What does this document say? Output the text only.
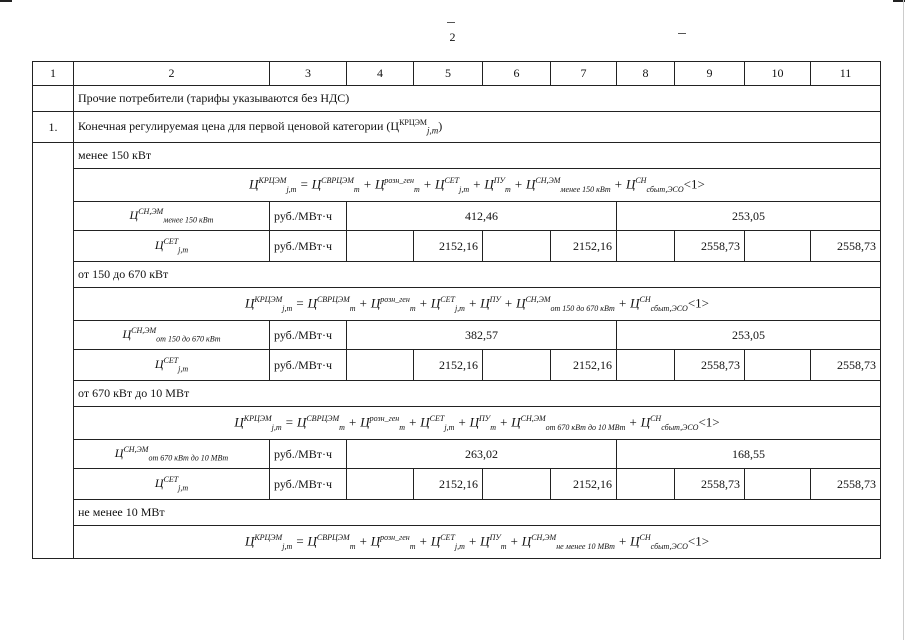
2
1	2	3	4	5	6	7	8	9	10	11
	Прочие потребители (тарифы указываются без НДС)									
1.	Конечная регулируемая цена для первой ценовой категории $(Ц^{КРЦЭМ}_{j,m})$									
	менее 150 кВт									
	$Ц^{КРЦЭМ}_{j,m} = Ц^{СВРЦЭМ}_m + Ц^{розн\_ген}_m + Ц^{СЕТ}_{j,m} + Ц^{ПУ}_m + Ц^{СН,ЭМ}_{менее 150 кВт} + Ц^{СН}_{сбыт,ЭСО}<1>$									
	$Ц^{СН,ЭМ}_{менее 150 кВт}$	руб./МВт·ч	412,46				253,05			
	$Ц^{СЕТ}_{j,m}$	руб./МВт·ч		2152,16		2152,16		2558,73		2558,73
	от 150 до 670 кВт									
	$Ц^{КРЦЭМ}_{j,m} = Ц^{СВРЦЭМ}_m + Ц^{розн\_ген}_m + Ц^{СЕТ}_{j,m} + Ц^{ПУ} + Ц^{СН,ЭМ}_{от 150 до 670 кВт} + Ц^{СН}_{сбыт,ЭСО}<1>$									
	$Ц^{СН,ЭМ}_{от 150 до 670 кВт}$	руб./МВт·ч	382,57				253,05			
	$Ц^{СЕТ}_{j,m}$	руб./МВт·ч		2152,16		2152,16		2558,73		2558,73
	от 670 кВт до 10 МВт									
	$Ц^{КРЦЭМ}_{j,m} = Ц^{СВРЦЭМ}_m + Ц^{розн\_ген}_m + Ц^{СЕТ}_{j,m} + Ц^{ПУ}_m + Ц^{СН,ЭМ}_{от 670 кВт до 10 МВт} + Ц^{СН}_{сбыт,ЭСО}<1>$									
	$Ц^{СН,ЭМ}_{от 670 кВт до 10 МВт}$	руб./МВт·ч	263,02				168,55			
	$Ц^{СЕТ}_{j,m}$	руб./МВт·ч		2152,16		2152,16		2558,73		2558,73
	не менее 10 МВт									
	$Ц^{КРЦЭМ}_{j,m} = Ц^{СВРЦЭМ}_m + Ц^{розн\_ген}_m + Ц^{СЕТ}_{j,m} + Ц^{ПУ}_m + Ц^{СН,ЭМ}_{не менее 10 МВт} + Ц^{СН}_{сбыт,ЭСО}<1>$									
